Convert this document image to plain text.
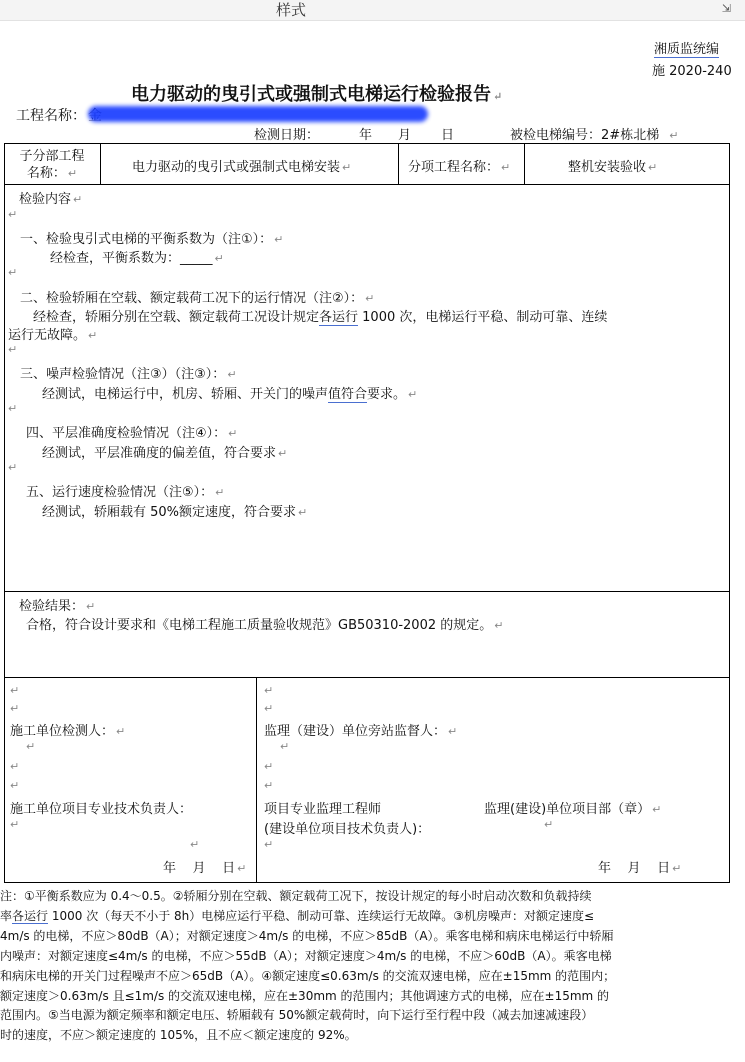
样式	⇲
湘质监统编
施 2020-240
电力驱动的曳引式或强制式电梯运行检验报告 ↵
工程名称：
检测日期：	年 月 日	被检电梯编号：2#栋北梯 ↵
子分部工程
名称： ↵	电力驱动的曳引式或强制式电梯安装 ↵	分项工程名称： ↵	整机安装验收 ↵

检验内容 ↵

↵

一、检验曳引式电梯的平衡系数为（注①）： ↵

经检查，平衡系数为：_____ ↵

↵

二、检验轿厢在空载、额定载荷工况下的运行情况（注②）： ↵

经检查，轿厢分别在空载、额定载荷工况设计规定各运行 1000 次，电梯运行平稳、制动可靠、连续

运行无故障。 ↵

↵

三、噪声检验情况（注③）（注③）： ↵

经测试，电梯运行中，机房、轿厢、开关门的噪声值符合要求。 ↵

↵

四、平层准确度检验情况（注④）： ↵

经测试，平层准确度的偏差值，符合要求 ↵

↵

五、运行速度检验情况（注⑤）： ↵

经测试，轿厢载有 50%额定速度，符合要求 ↵

检验结果： ↵

合格，符合设计要求和《电梯工程施工质量验收规范》GB50310-2002 的规定。 ↵

↵

↵

施工单位检测人： ↵

↵

↵

↵

施工单位项目专业技术负责人：

↵

↵

年 月 日 ↵

↵

↵

监理（建设）单位旁站监督人： ↵

↵

↵

↵

项目专业监理工程师	监理(建设)单位项目部（章） ↵

(建设单位项目技术负责人)：	↵

↵

年 月 日 ↵

注：①平衡系数应为 0.4～0.5。②轿厢分别在空载、额定载荷工况下，按设计规定的每小时启动次数和负载持续

率各运行 1000 次（每天不小于 8h）电梯应运行平稳、制动可靠、连续运行无故障。③机房噪声：对额定速度≤

4m/s 的电梯，不应＞80dB（A）；对额定速度＞4m/s 的电梯，不应＞85dB（A）。乘客电梯和病床电梯运行中轿厢

内噪声：对额定速度≤4m/s 的电梯，不应＞55dB（A）；对额定速度＞4m/s 的电梯，不应＞60dB（A）。乘客电梯

和病床电梯的开关门过程噪声不应＞65dB（A）。④额定速度≤0.63m/s 的交流双速电梯，应在±15mm 的范围内；

额定速度＞0.63m/s 且≤1m/s 的交流双速电梯，应在±30mm 的范围内；其他调速方式的电梯，应在±15mm 的

范围内。⑤当电源为额定频率和额定电压、轿厢载有 50%额定载荷时，向下运行至行程中段（减去加速减速段）

时的速度，不应＞额定速度的 105%，且不应＜额定速度的 92%。
